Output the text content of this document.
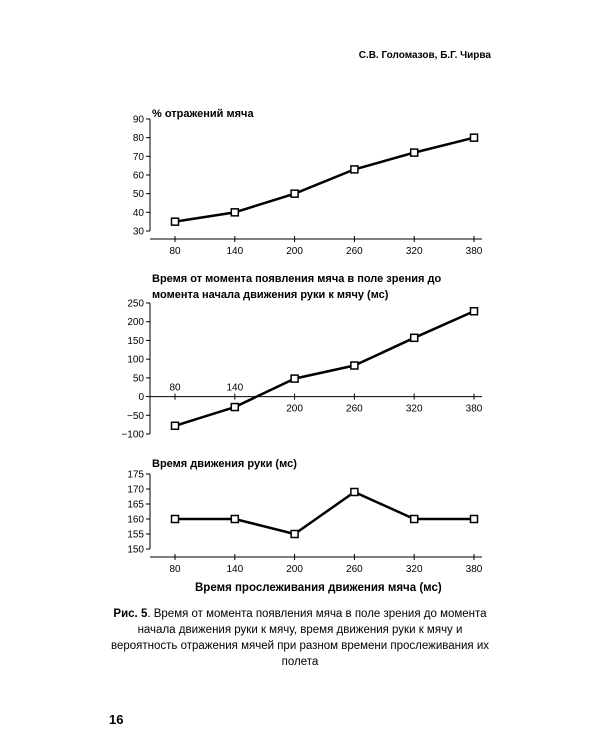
С.В. Голомазов, Б.Г. Чирва
% отражений мяча
Время от момента появления мяча в поле зрения до момента начала движения руки к мячу (мс)
Время движения руки (мс)
Время прослеживания движения мяча (мс)
30
40
50
60
70
80
90
80	140	200	260	320	380
−100
−50
0
50
100
150
200
250
80	140
200	260	320	380
150
155
160
165
170
175
80	140	200	260	320	380
Рис. 5. Время от момента появления мяча в поле зрения до момента начала движения руки к мячу, время движения руки к мячу и вероятность отражения мячей при разном времени прослеживания их полета
16
